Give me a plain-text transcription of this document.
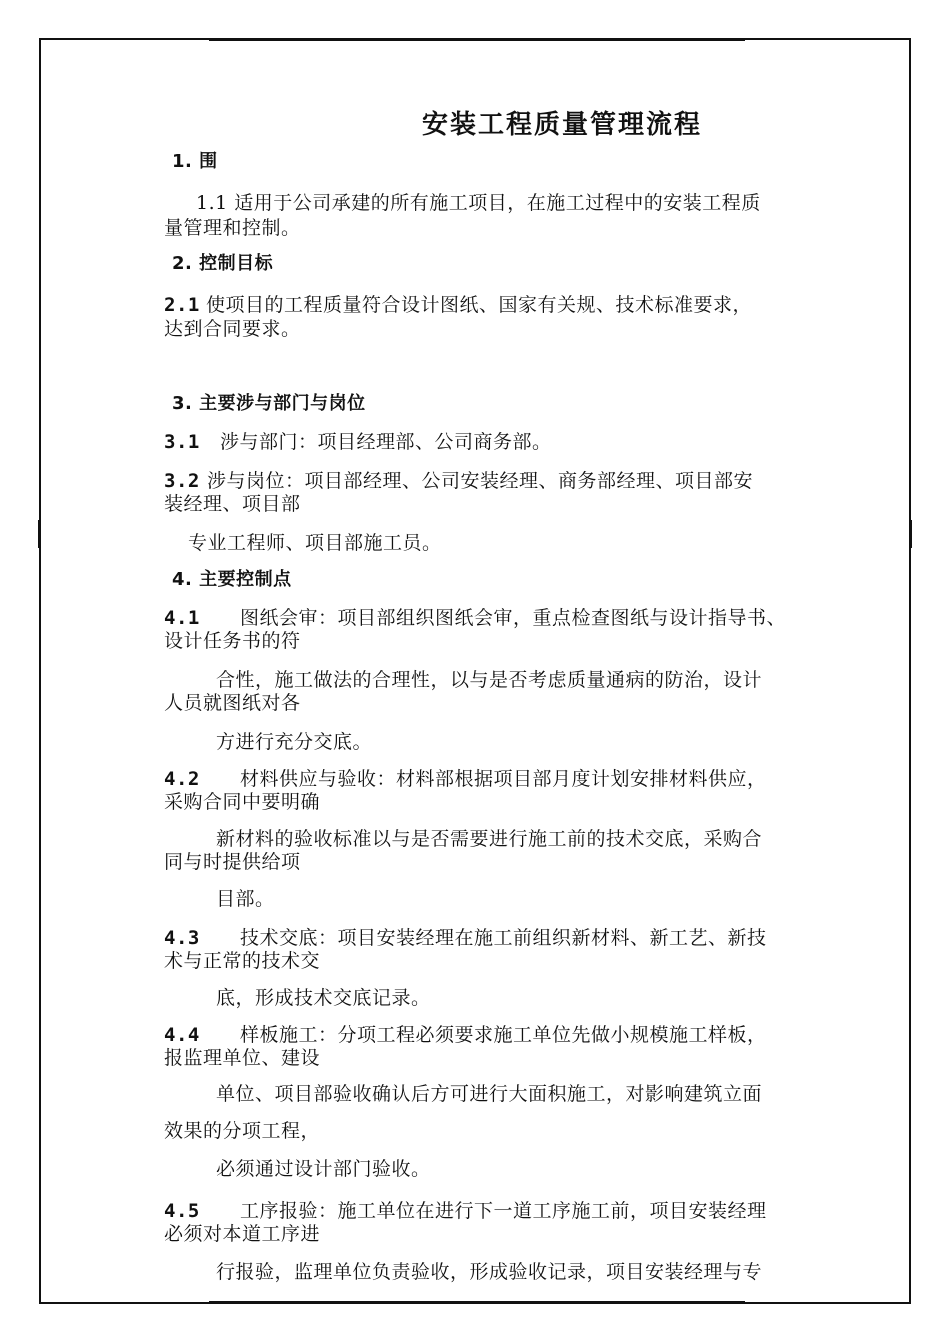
安装工程质量管理流程
1. 围
1.1 适用于公司承建的所有施工项目，在施工过程中的安装工程质
量管理和控制。
2. 控制目标
2.1 使项目的工程质量符合设计图纸、国家有关规、技术标准要求，
达到合同要求。
3. 主要涉与部门与岗位
3.1 涉与部门：项目经理部、公司商务部。
3.2 涉与岗位：项目部经理、公司安装经理、商务部经理、项目部安
装经理、项目部
专业工程师、项目部施工员。
4. 主要控制点
4.1 图纸会审：项目部组织图纸会审，重点检查图纸与设计指导书、
设计任务书的符
合性，施工做法的合理性，以与是否考虑质量通病的防治，设计
人员就图纸对各
方进行充分交底。
4.2 材料供应与验收：材料部根据项目部月度计划安排材料供应，
采购合同中要明确
新材料的验收标准以与是否需要进行施工前的技术交底，采购合
同与时提供给项
目部。
4.3 技术交底：项目安装经理在施工前组织新材料、新工艺、新技
术与正常的技术交
底，形成技术交底记录。
4.4 样板施工：分项工程必须要求施工单位先做小规模施工样板，
报监理单位、建设
单位、项目部验收确认后方可进行大面积施工，对影响建筑立面
效果的分项工程，
必须通过设计部门验收。
4.5 工序报验：施工单位在进行下一道工序施工前，项目安装经理
必须对本道工序进
行报验，监理单位负责验收，形成验收记录，项目安装经理与专
